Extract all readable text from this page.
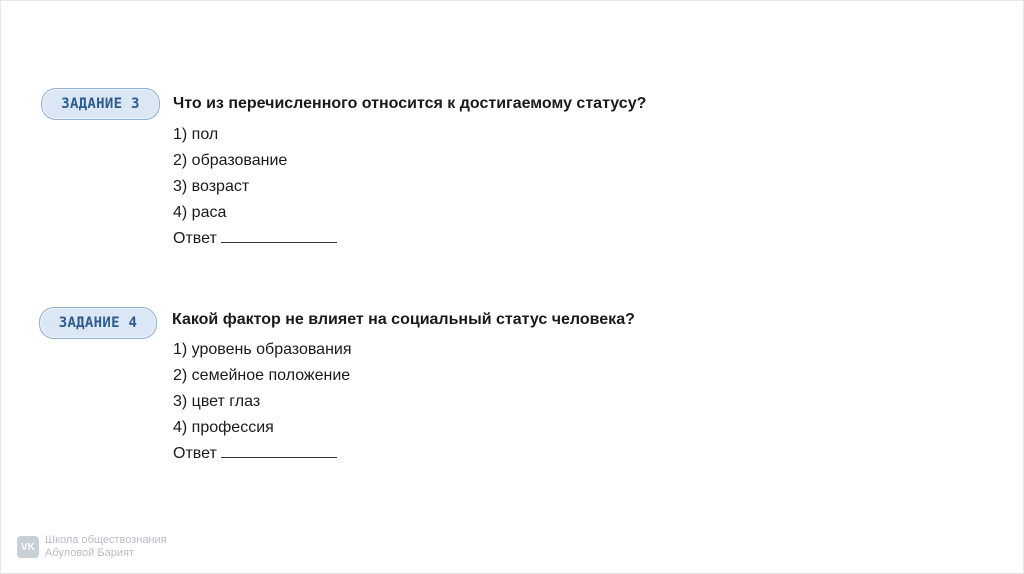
ЗАДАНИЕ 3 Что из перечисленного относится к достигаемому статусу?
1) пол
2) образование
3) возраст
4) раса
Ответ
ЗАДАНИЕ 4 Какой фактор не влияет на социальный статус человека?
1) уровень образования
2) семейное положение
3) цвет глаз
4) профессия
Ответ
VK
Школа обществознания
Абуловой Барият
